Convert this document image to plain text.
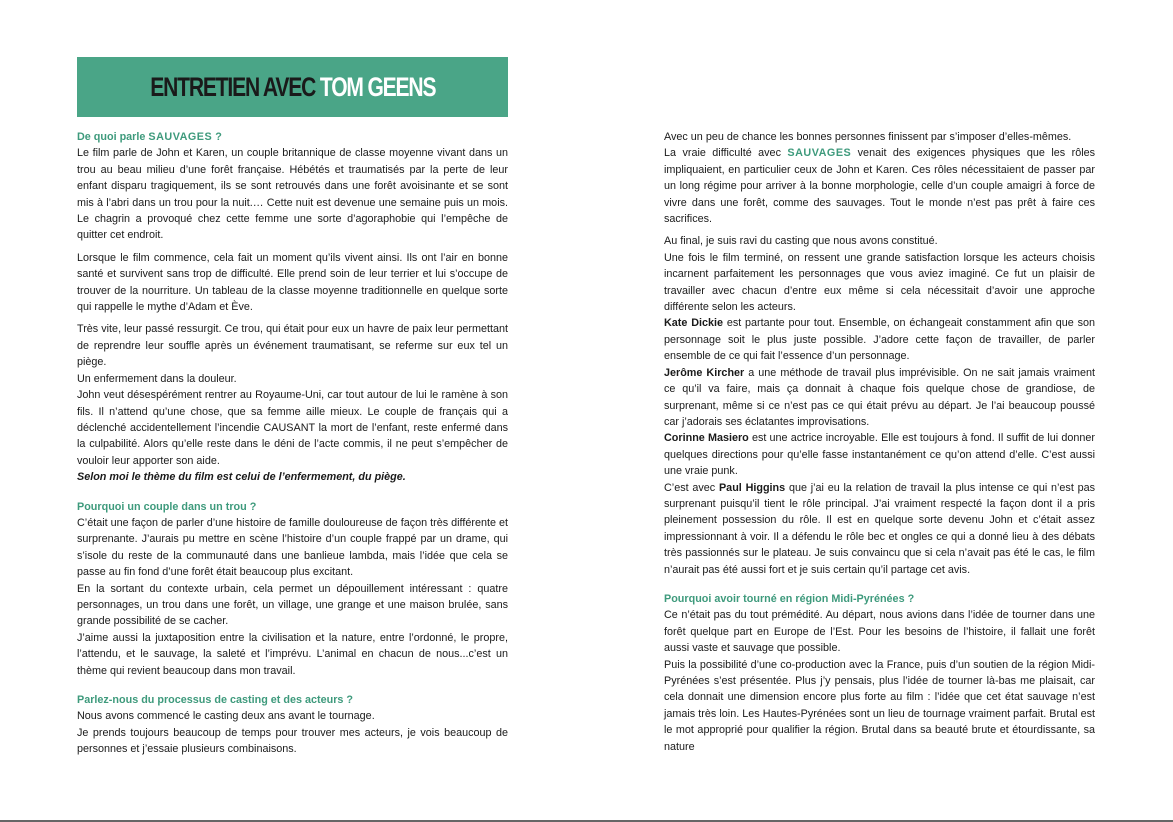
ENTRETIEN AVEC TOM GEENS

De quoi parle SAUVAGES ?

Le film parle de John et Karen, un couple britannique de classe moyenne vivant dans un trou au beau milieu d’une forêt française. Hébétés et traumatisés par la perte de leur enfant disparu tragiquement, ils se sont retrouvés dans une forêt avoisinante et se sont mis à l’abri dans un trou pour la nuit.… Cette nuit est devenue une semaine puis un mois. Le chagrin a provoqué chez cette femme une sorte d’agoraphobie qui l’empêche de quitter cet endroit.

Lorsque le film commence, cela fait un moment qu’ils vivent ainsi. Ils ont l’air en bonne santé et survivent sans trop de difficulté. Elle prend soin de leur terrier et lui s’occupe de trouver de la nourriture. Un tableau de la classe moyenne traditionnelle en quelque sorte qui rappelle le mythe d’Adam et Ève.

Très vite, leur passé ressurgit. Ce trou, qui était pour eux un havre de paix leur permettant de reprendre leur souffle après un événement traumatisant, se referme sur eux tel un piège.

Un enfermement dans la douleur.

John veut désespérément rentrer au Royaume-Uni, car tout autour de lui le ramène à son fils. Il n’attend qu’une chose, que sa femme aille mieux. Le couple de français qui a déclenché accidentellement l’incendie CAUSANT la mort de l’enfant, reste enfermé dans la culpabilité. Alors qu’elle reste dans le déni de l’acte commis, il ne peut s’empêcher de vouloir leur apporter son aide.

Selon moi le thème du film est celui de l’enfermement, du piège.

Pourquoi un couple dans un trou ?

C’était une façon de parler d’une histoire de famille douloureuse de façon très différente et surprenante. J’aurais pu mettre en scène l’histoire d’un couple frappé par un drame, qui s’isole du reste de la communauté dans une banlieue lambda, mais l’idée que cela se passe au fin fond d’une forêt était beaucoup plus excitant.

En la sortant du contexte urbain, cela permet un dépouillement intéressant : quatre personnages, un trou dans une forêt, un village, une grange et une maison brulée, sans grande possibilité de se cacher.

J’aime aussi la juxtaposition entre la civilisation et la nature, entre l’ordonné, le propre, l’attendu, et le sauvage, la saleté et l’imprévu. L’animal en chacun de nous...c’est un thème qui revient beaucoup dans mon travail.

Parlez-nous du processus de casting et des acteurs ?

Nous avons commencé le casting deux ans avant le tournage.

Je prends toujours beaucoup de temps pour trouver mes acteurs, je vois beaucoup de personnes et j’essaie plusieurs combinaisons.

Avec un peu de chance les bonnes personnes finissent par s’imposer d’elles-mêmes.

La vraie difficulté avec SAUVAGES venait des exigences physiques que les rôles impliquaient, en particulier ceux de John et Karen. Ces rôles nécessitaient de passer par un long régime pour arriver à la bonne morphologie, celle d’un couple amaigri à force de vivre dans une forêt, comme des sauvages. Tout le monde n’est pas prêt à faire ces sacrifices.

Au final, je suis ravi du casting que nous avons constitué.

Une fois le film terminé, on ressent une grande satisfaction lorsque les acteurs choisis incarnent parfaitement les personnages que vous aviez imaginé. Ce fut un plaisir de travailler avec chacun d’entre eux même si cela nécessitait d’avoir une approche différente selon les acteurs.

Kate Dickie est partante pour tout. Ensemble, on échangeait constamment afin que son personnage soit le plus juste possible. J’adore cette façon de travailler, de parler ensemble de ce qui fait l’essence d’un personnage.

Jerôme Kircher a une méthode de travail plus imprévisible. On ne sait jamais vraiment ce qu’il va faire, mais ça donnait à chaque fois quelque chose de grandiose, de surprenant, même si ce n’est pas ce qui était prévu au départ. Je l’ai beaucoup poussé car j’adorais ses éclatantes improvisations.

Corinne Masiero est une actrice incroyable. Elle est toujours à fond. Il suffit de lui donner quelques directions pour qu’elle fasse instantanément ce qu’on attend d’elle. C’est aussi une vraie punk.

C’est avec Paul Higgins que j’ai eu la relation de travail la plus intense ce qui n’est pas surprenant puisqu’il tient le rôle principal. J’ai vraiment respecté la façon dont il a pris pleinement possession du rôle. Il est en quelque sorte devenu John et c’était assez impressionnant à voir. Il a défendu le rôle bec et ongles ce qui a donné lieu à des débats très passionnés sur le plateau. Je suis convaincu que si cela n’avait pas été le cas, le film n’aurait pas été aussi fort et je suis certain qu’il partage cet avis.

Pourquoi avoir tourné en région Midi-Pyrénées ?

Ce n’était pas du tout prémédité. Au départ, nous avions dans l’idée de tourner dans une forêt quelque part en Europe de l’Est. Pour les besoins de l’histoire, il fallait une forêt aussi vaste et sauvage que possible.

Puis la possibilité d’une co-production avec la France, puis d’un soutien de la région Midi-Pyrénées s’est présentée. Plus j’y pensais, plus l’idée de tourner là-bas me plaisait, car cela donnait une dimension encore plus forte au film : l’idée que cet état sauvage n’est jamais très loin. Les Hautes-Pyrénées sont un lieu de tournage vraiment parfait. Brutal est le mot approprié pour qualifier la région. Brutal dans sa beauté brute et étourdissante, sa nature
